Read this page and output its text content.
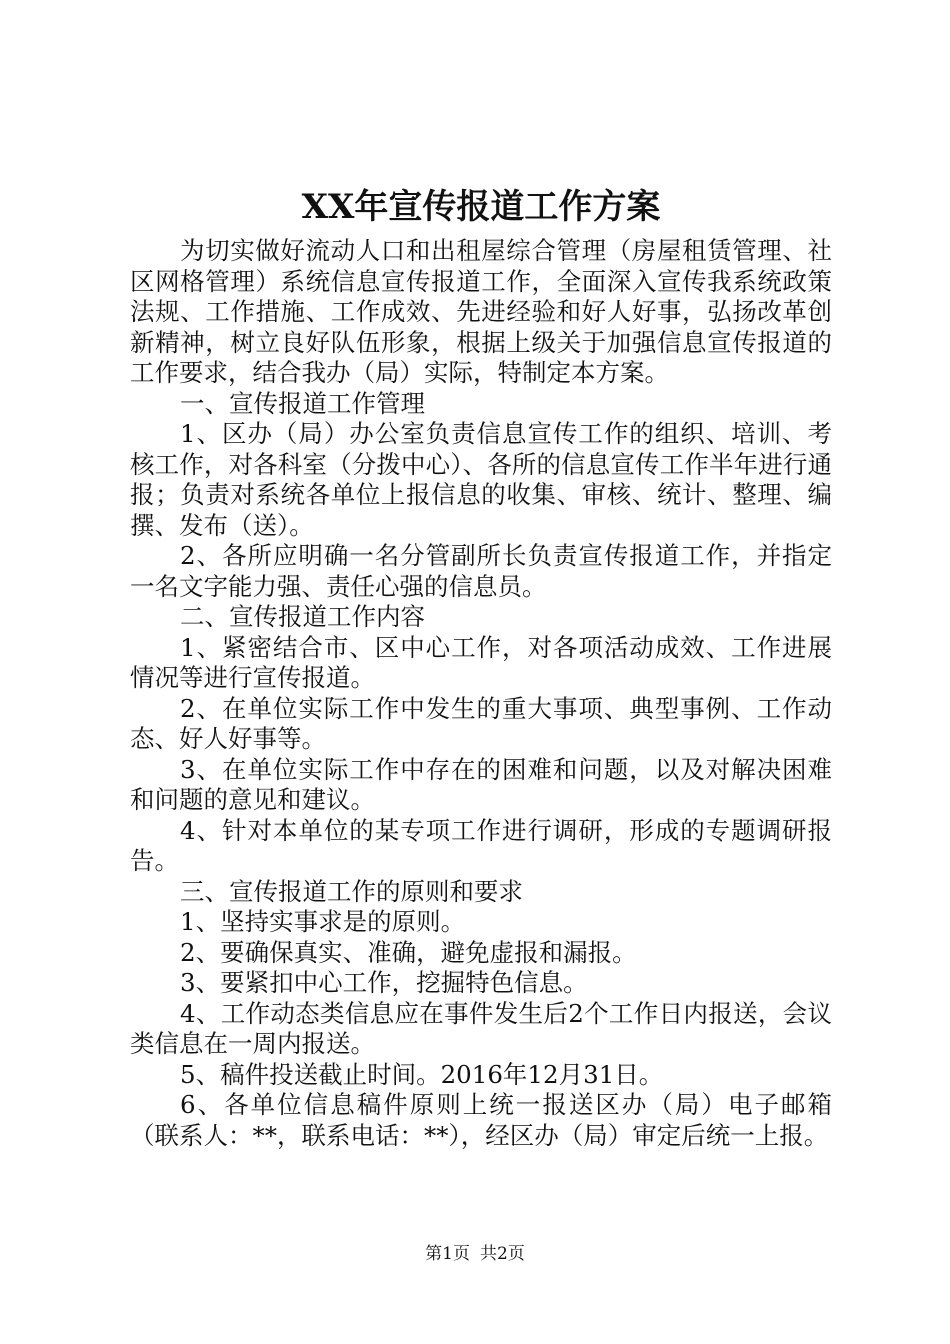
XX年宣传报道工作方案

为切实做好流动人口和出租屋综合管理（房屋租赁管理、社区网格管理）系统信息宣传报道工作，全面深入宣传我系统政策法规、工作措施、工作成效、先进经验和好人好事，弘扬改革创新精神，树立良好队伍形象，根据上级关于加强信息宣传报道的工作要求，结合我办（局）实际，特制定本方案。

一、宣传报道工作管理

1、区办（局）办公室负责信息宣传工作的组织、培训、考核工作，对各科室（分拨中心）、各所的信息宣传工作半年进行通报；负责对系统各单位上报信息的收集、审核、统计、整理、编撰、发布（送）。

2、各所应明确一名分管副所长负责宣传报道工作，并指定一名文字能力强、责任心强的信息员。

二、宣传报道工作内容

1、紧密结合市、区中心工作，对各项活动成效、工作进展情况等进行宣传报道。

2、在单位实际工作中发生的重大事项、典型事例、工作动态、好人好事等。

3、在单位实际工作中存在的困难和问题，以及对解决困难和问题的意见和建议。

4、针对本单位的某专项工作进行调研，形成的专题调研报告。

三、宣传报道工作的原则和要求

1、坚持实事求是的原则。

2、要确保真实、准确，避免虚报和漏报。

3、要紧扣中心工作，挖掘特色信息。

4、工作动态类信息应在事件发生后2个工作日内报送，会议类信息在一周内报送。

5、稿件投送截止时间。2016年12月31日。

6、各单位信息稿件原则上统一报送区办（局）电子邮箱（联系人：**，联系电话：**），经区办（局）审定后统一上报。

第1页 共2页
